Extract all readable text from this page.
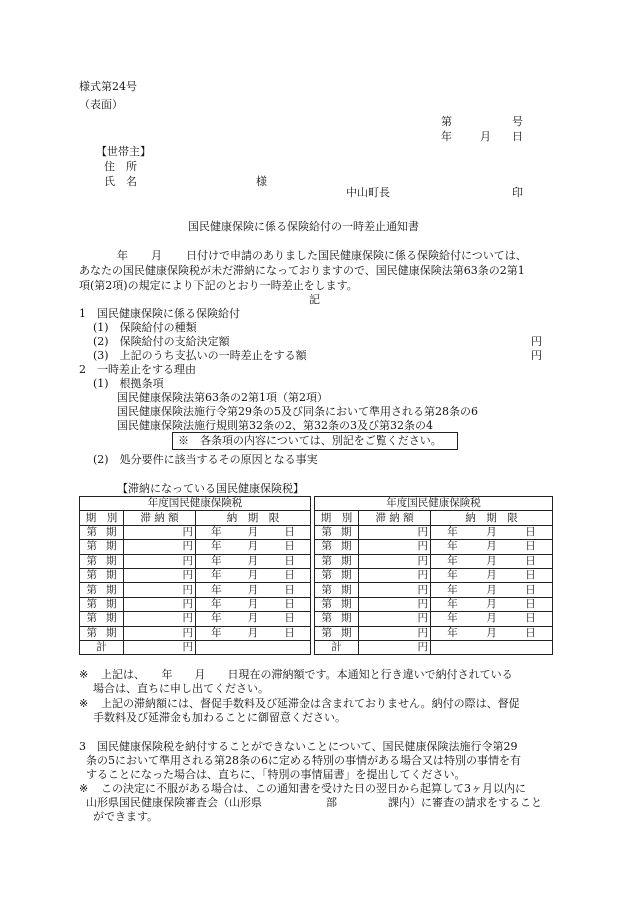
様式第24号
（表面）
第	号
年	月 日
【世帯主】
住　所
氏　名	様
中山町長	印
国民健康保険に係る保険給付の一時差止通知書
年 月 日付けで申請のありました国民健康保険に係る保険給付については、
あなたの国民健康保険税が未だ滞納になっておりますので、国民健康保険法第63条の2第1
項(第2項)の規定により下記のとおり一時差止をします。
記
1　国民健康保険に係る保険給付
(1)　保険給付の種類
(2)　保険給付の支給決定額	円
(3)　上記のうち支払いの一時差止をする額	円
2　一時差止をする理由
(1)　根拠条項
国民健康保険法第63条の2第1項（第2項）
国民健康保険法施行令第29条の5及び同条において準用される第28条の6
国民健康保険法施行規則第32条の2、第32条の3及び第32条の4
※　各条項の内容については、別記をご覧ください。
(2)　処分要件に該当するその原因となる事実
【滞納になっている国民健康保険税】
年度国民健康保険税				年度国民健康保険税		
期　別	滞 納 額	納　期　限		期　別	滞 納 額	納　期　限

第 期	円	年 月 日		第 期	円	年 月 日

第 期	円	年 月 日		第 期	円	年 月 日

第 期	円	年 月 日		第 期	円	年 月 日

第 期	円	年 月 日		第 期	円	年 月 日

第 期	円	年 月 日		第 期	円	年 月 日

第 期	円	年 月 日		第 期	円	年 月 日

第 期	円	年 月 日		第 期	円	年 月 日

第 期	円	年 月 日		第 期	円	年 月 日

計	円			計	円	
※ 上記は、　　年　　月　　日現在の滞納額です。本通知と行き違いで納付されている
場合は、直ちに申し出てください。
※ 上記の滞納額には、督促手数料及び延滞金は含まれておりません。納付の際は、督促
手数料及び延滞金も加わることに御留意ください。
3　国民健康保険税を納付することができないことについて、国民健康保険法施行令第29
条の5において準用される第28条の6に定める特別の事情がある場合又は特別の事情を有
することになった場合は、直ちに、「特別の事情届書」を提出してください。
※ この決定に不服がある場合は、この通知書を受けた日の翌日から起算して3ヶ月以内に
山形県国民健康保険審査会（山形県	部	課内）に審査の請求をすること
ができます。
